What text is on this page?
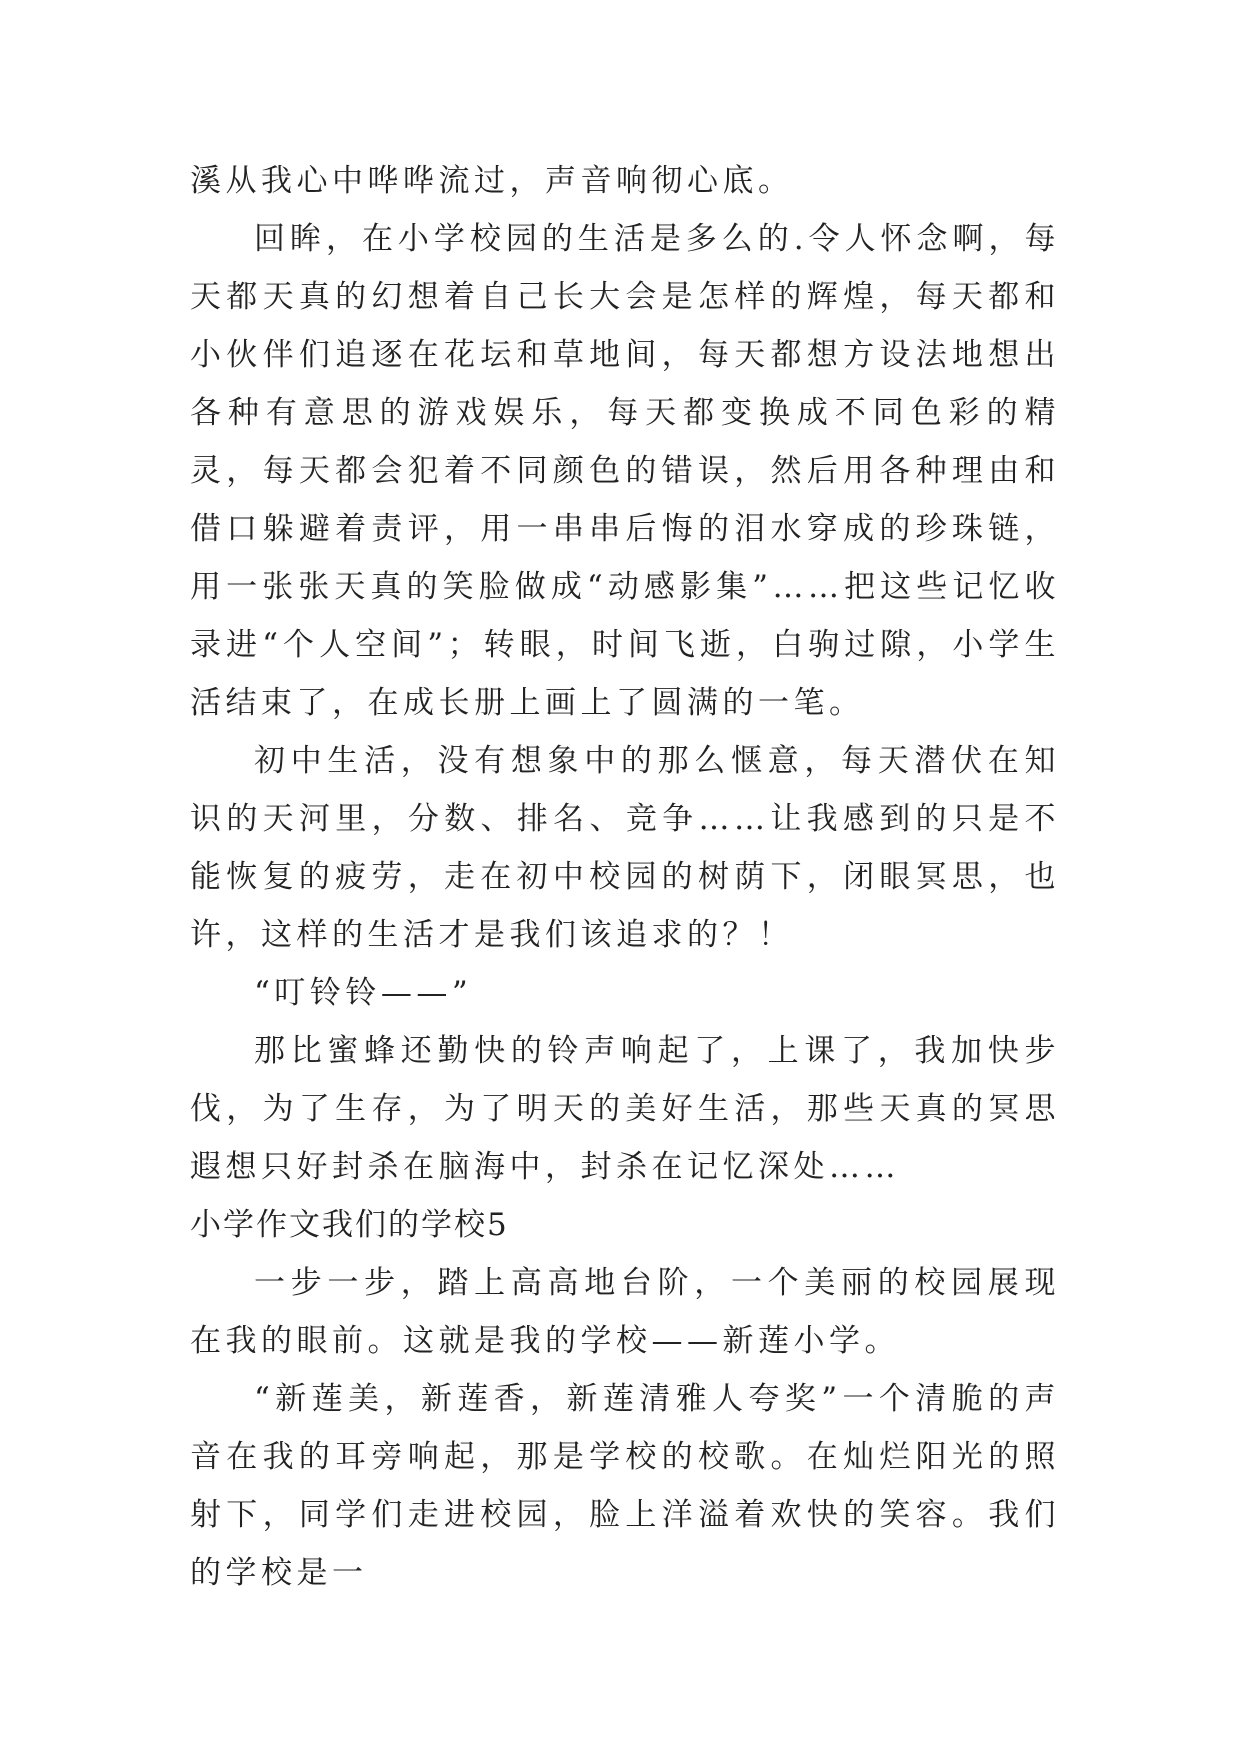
溪从我心中哗哗流过，声音响彻心底。

回眸，在小学校园的生活是多么的.令人怀念啊，每天都天真的幻想着自己长大会是怎样的辉煌，每天都和小伙伴们追逐在花坛和草地间，每天都想方设法地想出各种有意思的游戏娱乐，每天都变换成不同色彩的精灵，每天都会犯着不同颜色的错误，然后用各种理由和借口躲避着责评，用一串串后悔的泪水穿成的珍珠链，用一张张天真的笑脸做成“动感影集”……把这些记忆收录进“个人空间”；转眼，时间飞逝，白驹过隙，小学生活结束了，在成长册上画上了圆满的一笔。

初中生活，没有想象中的那么惬意，每天潜伏在知识的天河里，分数、排名、竞争……让我感到的只是不能恢复的疲劳，走在初中校园的树荫下，闭眼冥思，也许，这样的生活才是我们该追求的？！

“叮铃铃——”

那比蜜蜂还勤快的铃声响起了，上课了，我加快步伐，为了生存，为了明天的美好生活，那些天真的冥思遐想只好封杀在脑海中，封杀在记忆深处……

小学作文我们的学校5

一步一步，踏上高高地台阶，一个美丽的校园展现在我的眼前。这就是我的学校——新莲小学。

“新莲美，新莲香，新莲清雅人夸奖”一个清脆的声音在我的耳旁响起，那是学校的校歌。在灿烂阳光的照射下，同学们走进校园，脸上洋溢着欢快的笑容。我们的学校是一
